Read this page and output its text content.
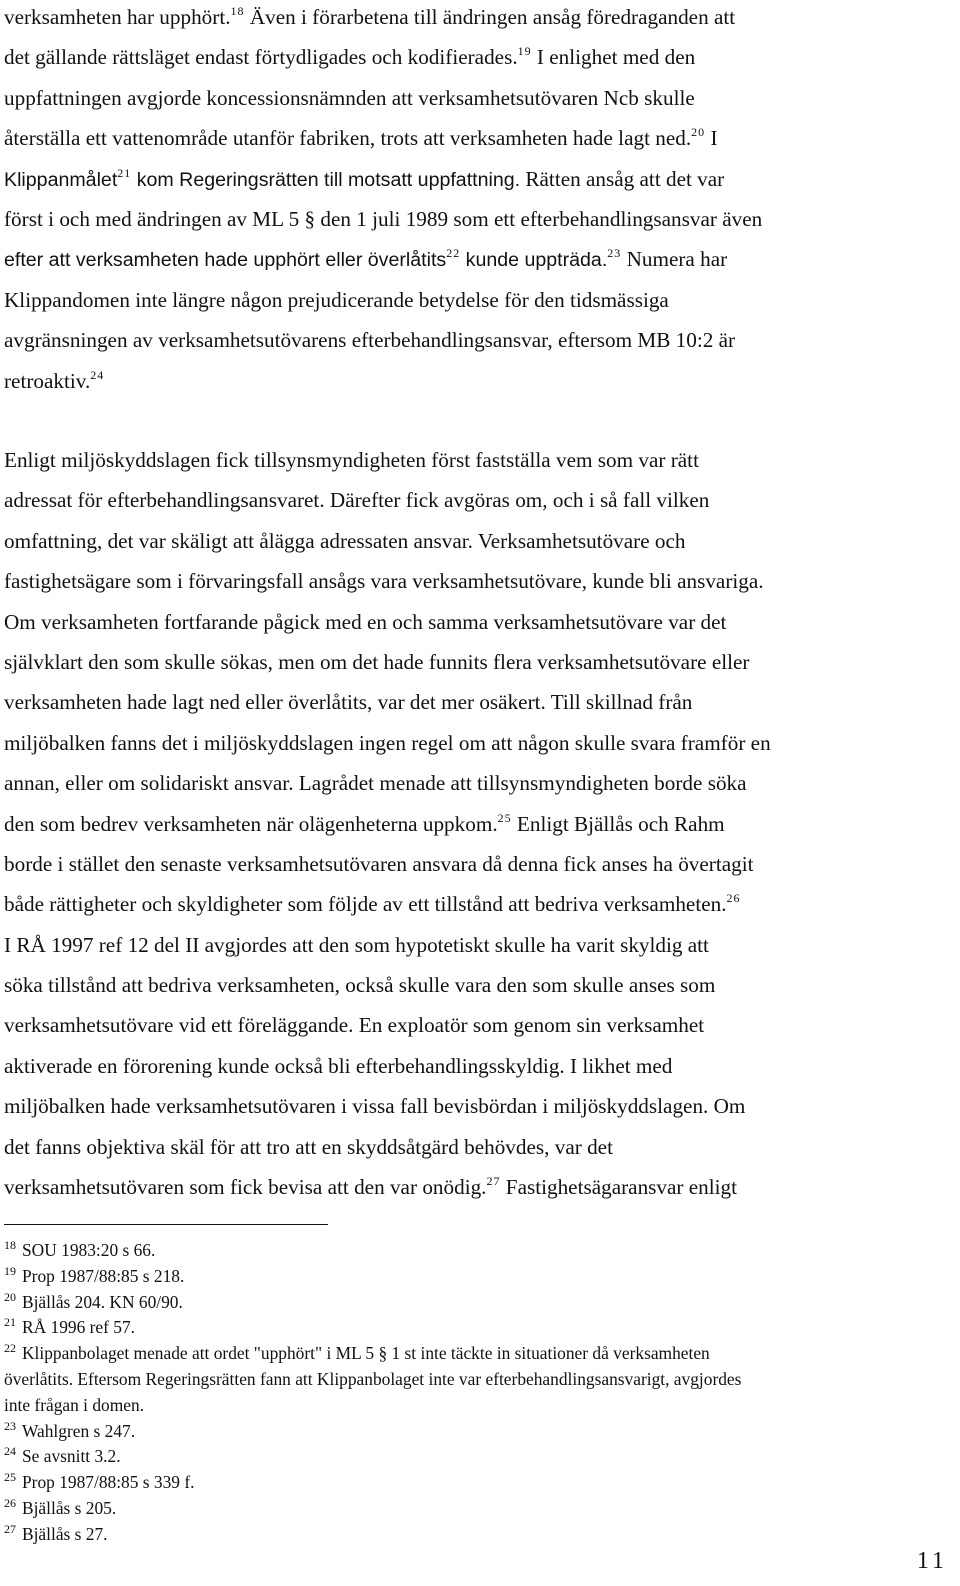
verksamheten har upphört.$^{18}$ Även i förarbetena till ändringen ansåg föredraganden att
det gällande rättsläget endast förtydligades och kodifierades.$^{19}$ I enlighet med den
uppfattningen avgjorde koncessionsnämnden att verksamhetsutövaren Ncb skulle
återställa ett vattenområde utanför fabriken, trots att verksamheten hade lagt ned.$^{20}$ I
Klippanmålet$^{21}$ kom Regeringsrätten till motsatt uppfattning. Rätten ansåg att det var
först i och med ändringen av ML 5 § den 1 juli 1989 som ett efterbehandlingsansvar även
efter att verksamheten hade upphört eller överlåtits$^{22}$ kunde uppträda.$^{23}$ Numera har
Klippandomen inte längre någon prejudicerande betydelse för den tidsmässiga
avgränsningen av verksamhetsutövarens efterbehandlingsansvar, eftersom MB 10:2 är
retroaktiv.$^{24}$
Enligt miljöskyddslagen fick tillsynsmyndigheten först fastställa vem som var rätt
adressat för efterbehandlingsansvaret. Därefter fick avgöras om, och i så fall vilken
omfattning, det var skäligt att ålägga adressaten ansvar. Verksamhetsutövare och
fastighetsägare som i förvaringsfall ansågs vara verksamhetsutövare, kunde bli ansvariga.
Om verksamheten fortfarande pågick med en och samma verksamhetsutövare var det
självklart den som skulle sökas, men om det hade funnits flera verksamhetsutövare eller
verksamheten hade lagt ned eller överlåtits, var det mer osäkert. Till skillnad från
miljöbalken fanns det i miljöskyddslagen ingen regel om att någon skulle svara framför en
annan, eller om solidariskt ansvar. Lagrådet menade att tillsynsmyndigheten borde söka
den som bedrev verksamheten när olägenheterna uppkom.$^{25}$ Enligt Bjällås och Rahm
borde i stället den senaste verksamhetsutövaren ansvara då denna fick anses ha övertagit
både rättigheter och skyldigheter som följde av ett tillstånd att bedriva verksamheten.$^{26}$
I RÅ 1997 ref 12 del II avgjordes att den som hypotetiskt skulle ha varit skyldig att
söka tillstånd att bedriva verksamheten, också skulle vara den som skulle anses som
verksamhetsutövare vid ett föreläggande. En exploatör som genom sin verksamhet
aktiverade en förorening kunde också bli efterbehandlingsskyldig. I likhet med
miljöbalken hade verksamhetsutövaren i vissa fall bevisbördan i miljöskyddslagen. Om
det fanns objektiva skäl för att tro att en skyddsåtgärd behövdes, var det
verksamhetsutövaren som fick bevisa att den var onödig.$^{27}$ Fastighetsägaransvar enligt
$^{18}$ SOU 1983:20 s 66.
$^{19}$ Prop 1987/88:85 s 218.
$^{20}$ Bjällås 204. KN 60/90.
$^{21}$ RÅ 1996 ref 57.
$^{22}$ Klippanbolaget menade att ordet "upphört" i ML 5 § 1 st inte täckte in situationer då verksamheten
överlåtits. Eftersom Regeringsrätten fann att Klippanbolaget inte var efterbehandlingsansvarigt, avgjordes
inte frågan i domen.
$^{23}$ Wahlgren s 247.
$^{24}$ Se avsnitt 3.2.
$^{25}$ Prop 1987/88:85 s 339 f.
$^{26}$ Bjällås s 205.
$^{27}$ Bjällås s 27.
11
